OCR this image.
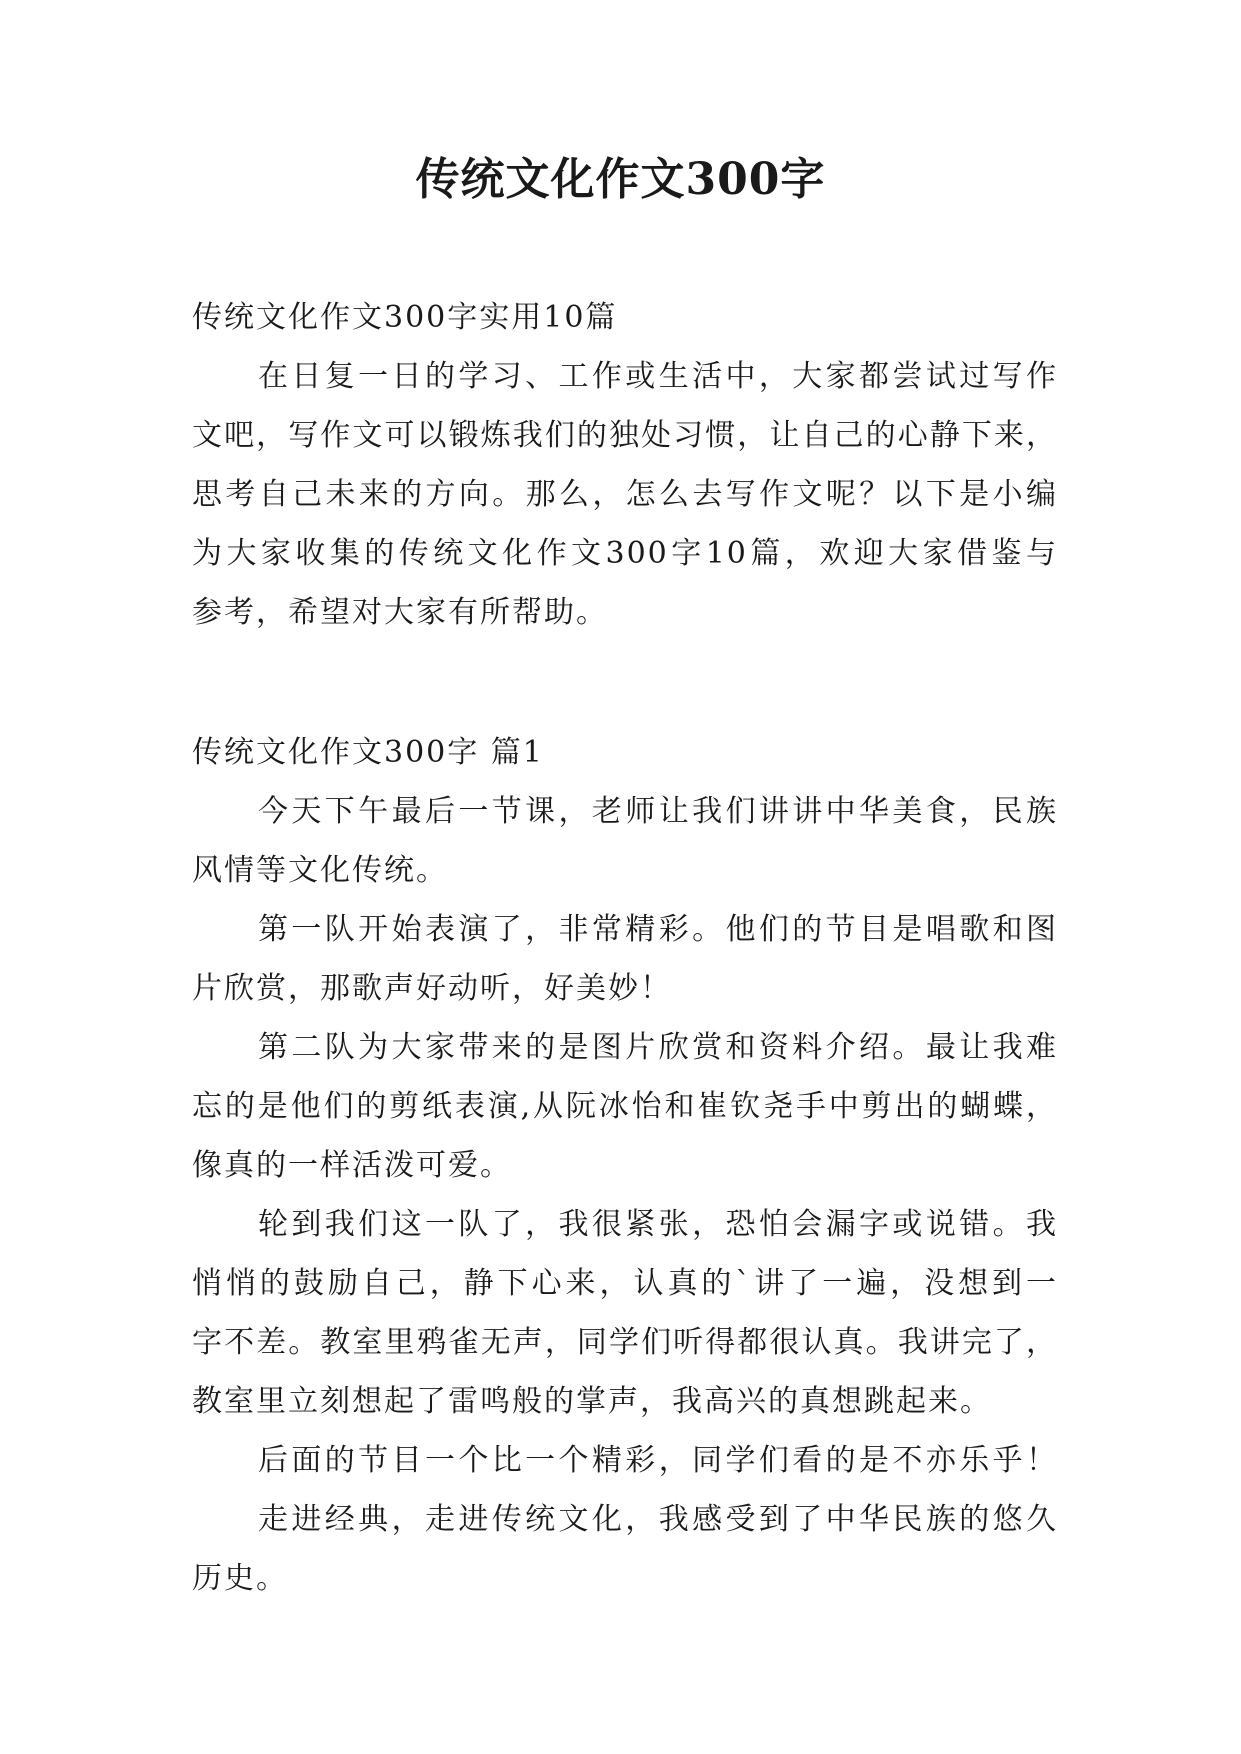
传统文化作文300字

传统文化作文300字实用10篇

在日复一日的学习、工作或生活中，大家都尝试过写作

文吧，写作文可以锻炼我们的独处习惯，让自己的心静下来，

思考自己未来的方向。那么，怎么去写作文呢？以下是小编

为大家收集的传统文化作文300字10篇，欢迎大家借鉴与

参考，希望对大家有所帮助。

传统文化作文300字 篇1

今天下午最后一节课，老师让我们讲讲中华美食，民族

风情等文化传统。

第一队开始表演了，非常精彩。他们的节目是唱歌和图

片欣赏，那歌声好动听，好美妙！

第二队为大家带来的是图片欣赏和资料介绍。最让我难

忘的是他们的剪纸表演,从阮冰怡和崔钦尧手中剪出的蝴蝶，

像真的一样活泼可爱。

轮到我们这一队了，我很紧张，恐怕会漏字或说错。我

悄悄的鼓励自己，静下心来，认真的`讲了一遍，没想到一

字不差。教室里鸦雀无声，同学们听得都很认真。我讲完了，

教室里立刻想起了雷鸣般的掌声，我高兴的真想跳起来。

后面的节目一个比一个精彩，同学们看的是不亦乐乎！

走进经典，走进传统文化，我感受到了中华民族的悠久

历史。
